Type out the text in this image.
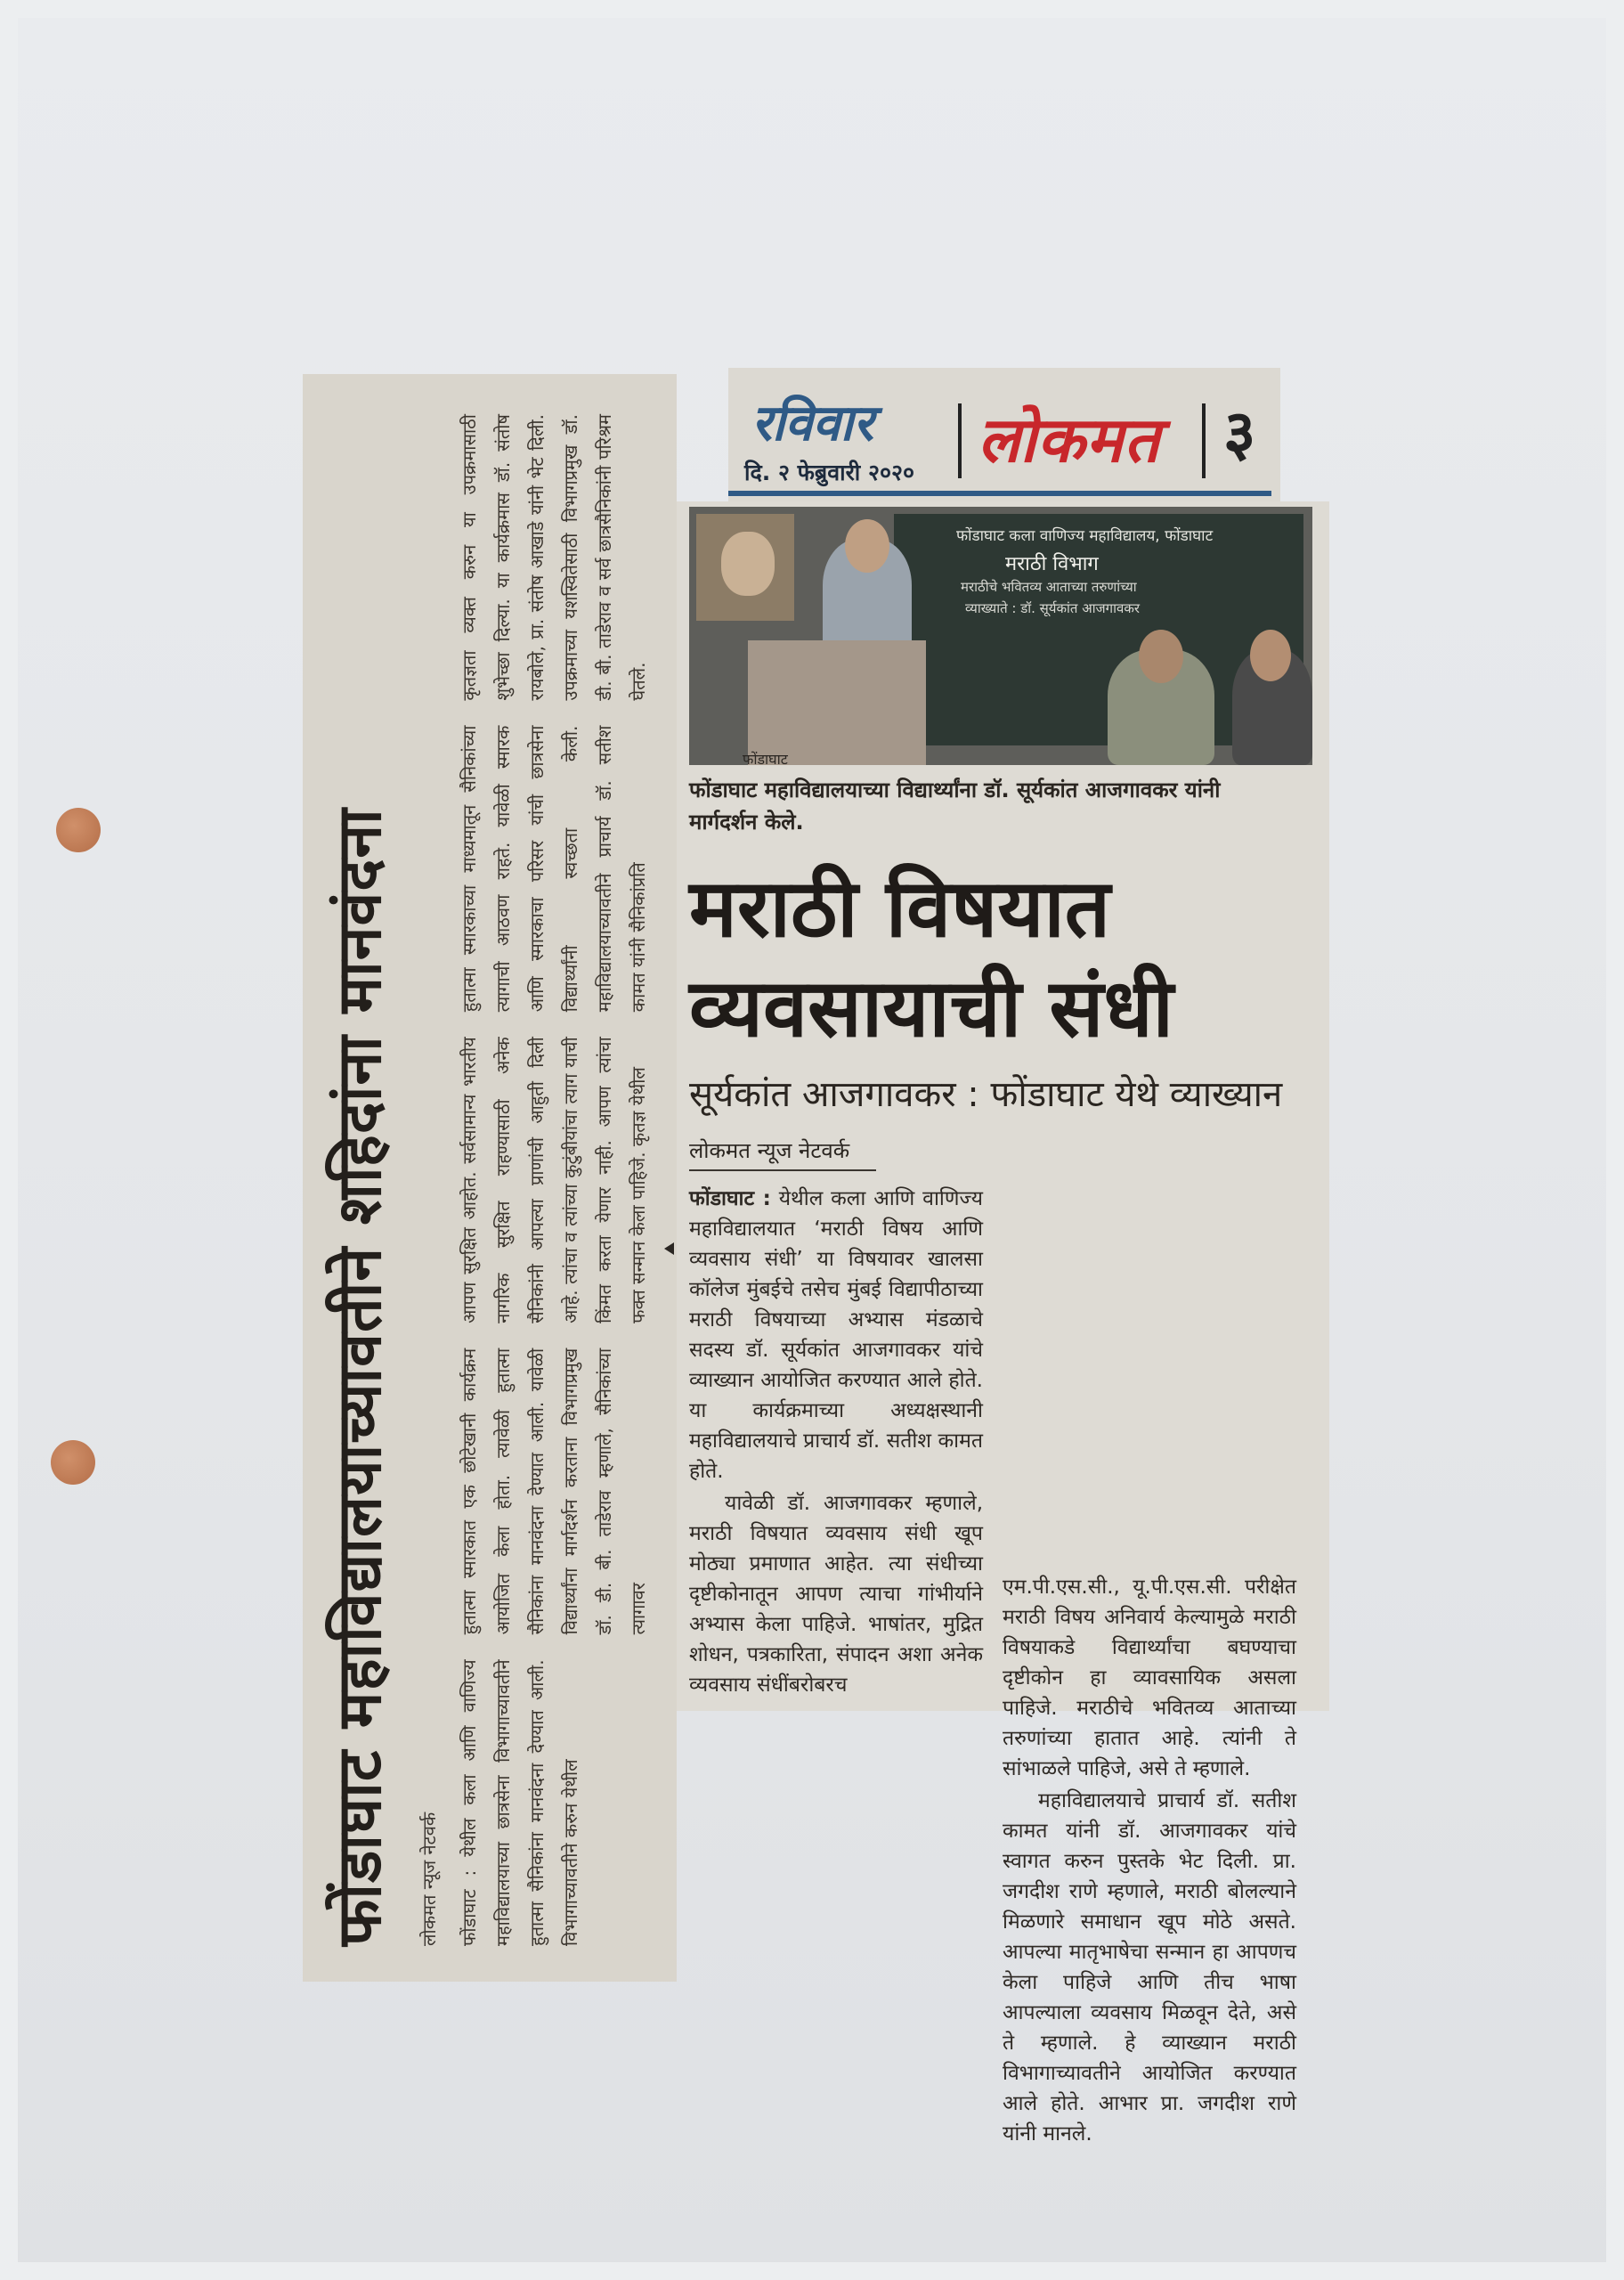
फोंडाघाट महाविद्यालयाच्यावतीने शहिदांना मानवंदना लोकमत न्यूज नेटवर्क	फोंडाघाट : येथील कला आणि वाणिज्य महाविद्यालयाच्या छात्रसेना विभागाच्यावतीने हुतात्मा सैनिकांना मानवंदना देण्यात आली. विभागाच्यावतीने करुन येथील
हुतात्मा स्मारकात एक छोटेखानी कार्यक्रम आयोजित केला होता. त्यावेळी हुतात्मा सैनिकांना मानवंदना देण्यात आली. यावेळी विद्यार्थ्यांना मार्गदर्शन करताना विभागप्रमुख डॉ. डी. बी. ताडेराव म्हणाले, सैनिकांच्या त्यागावर
आपण सुरक्षित आहोत. सर्वसामान्य भारतीय नागरिक सुरक्षित राहण्यासाठी अनेक सैनिकांनी आपल्या प्राणांची आहुती दिली आहे. त्यांचा व त्यांच्या कुटुंबीयांचा त्याग याची किंमत करता येणार नाही. आपण त्यांचा फक्त सन्मान केला पाहिजे. कृतज्ञ येथील
हुतात्मा स्मारकाच्या माध्यमातून सैनिकांच्या त्यागाची आठवण राहते. यावेळी स्मारक आणि स्मारकाचा परिसर यांची छात्रसेना विद्यार्थ्यांनी स्वच्छता केली. महाविद्यालयाच्यावतीने प्राचार्य डॉ. सतीश कामत यांनी सैनिकांप्रति
कृतज्ञता व्यक्त करुन या उपक्रमासाठी शुभेच्छा दिल्या. या कार्यक्रमास डॉ. संतोष रायबोले, प्रा. संतोष आखाडे यांनी भेट दिली. उपक्रमाच्या यशस्वितेसाठी विभागप्रमुख डॉ. डी. बी. ताडेराव व सर्व छात्रसैनिकांनी परिश्रम घेतले.
रविवार
दि. २ फेब्रुवारी २०२० लोकमत ३
फोंडाघाट कला वाणिज्य महाविद्यालय, फोंडाघाट
मराठी विभाग
मराठीचे भवितव्य आताच्या तरुणांच्या
व्याख्याते : डॉ. सूर्यकांत आजगावकर
फोंडाघाट
फोंडाघाट महाविद्यालयाच्या विद्यार्थ्यांना डॉ. सूर्यकांत आजगावकर यांनी मार्गदर्शन केले.
मराठी विषयात
व्यवसायाची संधी
सूर्यकांत आजगावकर : फोंडाघाट येथे व्याख्यान
लोकमत न्यूज नेटवर्क

फोंडाघाट : येथील कला आणि वाणिज्य महाविद्यालयात ‘मराठी विषय आणि व्यवसाय संधी’ या विषयावर खालसा कॉलेज मुंबईचे तसेच मुंबई विद्यापीठाच्या मराठी विषयाच्या अभ्यास मंडळाचे सदस्य डॉ. सूर्यकांत आजगावकर यांचे व्याख्यान आयोजित करण्यात आले होते. या कार्यक्रमाच्या अध्यक्षस्थानी महाविद्यालयाचे प्राचार्य डॉ. सतीश कामत होते.

यावेळी डॉ. आजगावकर म्हणाले, मराठी विषयात व्यवसाय संधी खूप मोठ्या प्रमाणात आहेत. त्या संधीच्या दृष्टीकोनातून आपण त्याचा गांभीर्याने अभ्यास केला पाहिजे. भाषांतर, मुद्रित शोधन, पत्रकारिता, संपादन अशा अनेक व्यवसाय संधींबरोबरच

एम.पी.एस.सी., यू.पी.एस.सी. परीक्षेत मराठी विषय अनिवार्य केल्यामुळे मराठी विषयाकडे विद्यार्थ्यांचा बघण्याचा दृष्टीकोन हा व्यावसायिक असला पाहिजे. मराठीचे भवितव्य आताच्या तरुणांच्या हातात आहे. त्यांनी ते सांभाळले पाहिजे, असे ते म्हणाले.

महाविद्यालयाचे प्राचार्य डॉ. सतीश कामत यांनी डॉ. आजगावकर यांचे स्वागत करुन पुस्तके भेट दिली. प्रा. जगदीश राणे म्हणाले, मराठी बोलल्याने मिळणारे समाधान खूप मोठे असते. आपल्या मातृभाषेचा सन्मान हा आपणच केला पाहिजे आणि तीच भाषा आपल्याला व्यवसाय मिळवून देते, असे ते म्हणाले. हे व्याख्यान मराठी विभागाच्यावतीने आयोजित करण्यात आले होते. आभार प्रा. जगदीश राणे यांनी मानले.
